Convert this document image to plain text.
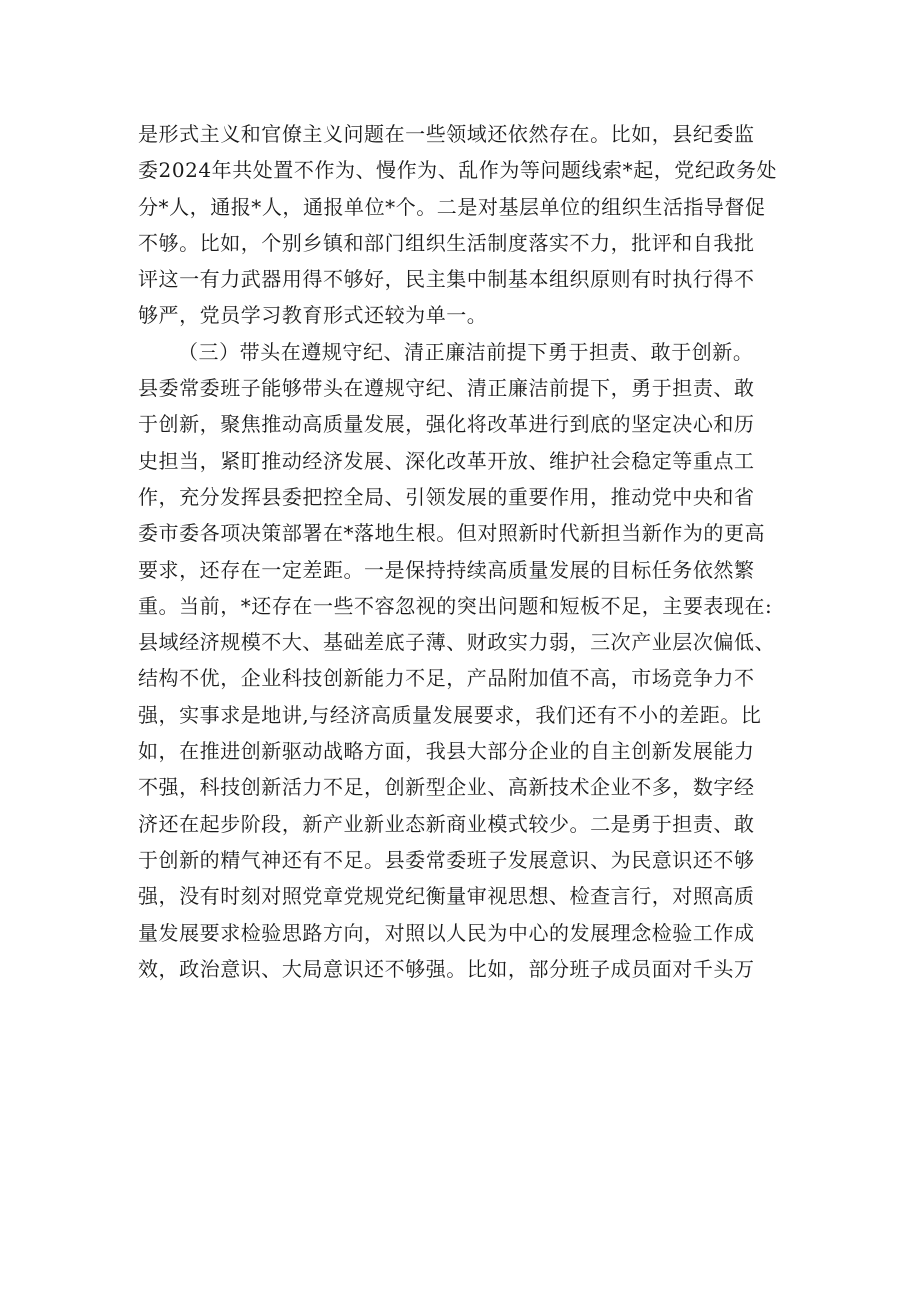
是形式主义和官僚主义问题在一些领域还依然存在。比如，县纪委监
委2024年共处置不作为、慢作为、乱作为等问题线索*起，党纪政务处
分*人，通报*人，通报单位*个。二是对基层单位的组织生活指导督促
不够。比如，个别乡镇和部门组织生活制度落实不力，批评和自我批
评这一有力武器用得不够好，民主集中制基本组织原则有时执行得不
够严，党员学习教育形式还较为单一。
（三）带头在遵规守纪、清正廉洁前提下勇于担责、敢于创新。
县委常委班子能够带头在遵规守纪、清正廉洁前提下，勇于担责、敢
于创新，聚焦推动高质量发展，强化将改革进行到底的坚定决心和历
史担当，紧盯推动经济发展、深化改革开放、维护社会稳定等重点工
作，充分发挥县委把控全局、引领发展的重要作用，推动党中央和省
委市委各项决策部署在*落地生根。但对照新时代新担当新作为的更高
要求，还存在一定差距。一是保持持续高质量发展的目标任务依然繁
重。当前，*还存在一些不容忽视的突出问题和短板不足，主要表现在:
县域经济规模不大、基础差底子薄、财政实力弱，三次产业层次偏低、
结构不优，企业科技创新能力不足，产品附加值不高，市场竞争力不
强，实事求是地讲,与经济高质量发展要求，我们还有不小的差距。比
如，在推进创新驱动战略方面，我县大部分企业的自主创新发展能力
不强，科技创新活力不足，创新型企业、高新技术企业不多，数字经
济还在起步阶段，新产业新业态新商业模式较少。二是勇于担责、敢
于创新的精气神还有不足。县委常委班子发展意识、为民意识还不够
强，没有时刻对照党章党规党纪衡量审视思想、检查言行，对照高质
量发展要求检验思路方向，对照以人民为中心的发展理念检验工作成
效，政治意识、大局意识还不够强。比如，部分班子成员面对千头万
